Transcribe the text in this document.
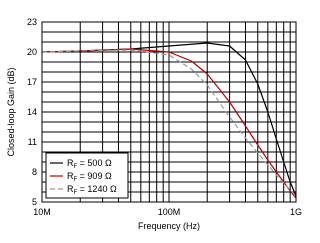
5
8
11
14
17
20
23
10M	100M	1G
$R_F = 500$ Ω
$R_F = 909$ Ω
$R_F = 1240$ Ω
Frequency (Hz)
Closed-loop Gain (dB)
